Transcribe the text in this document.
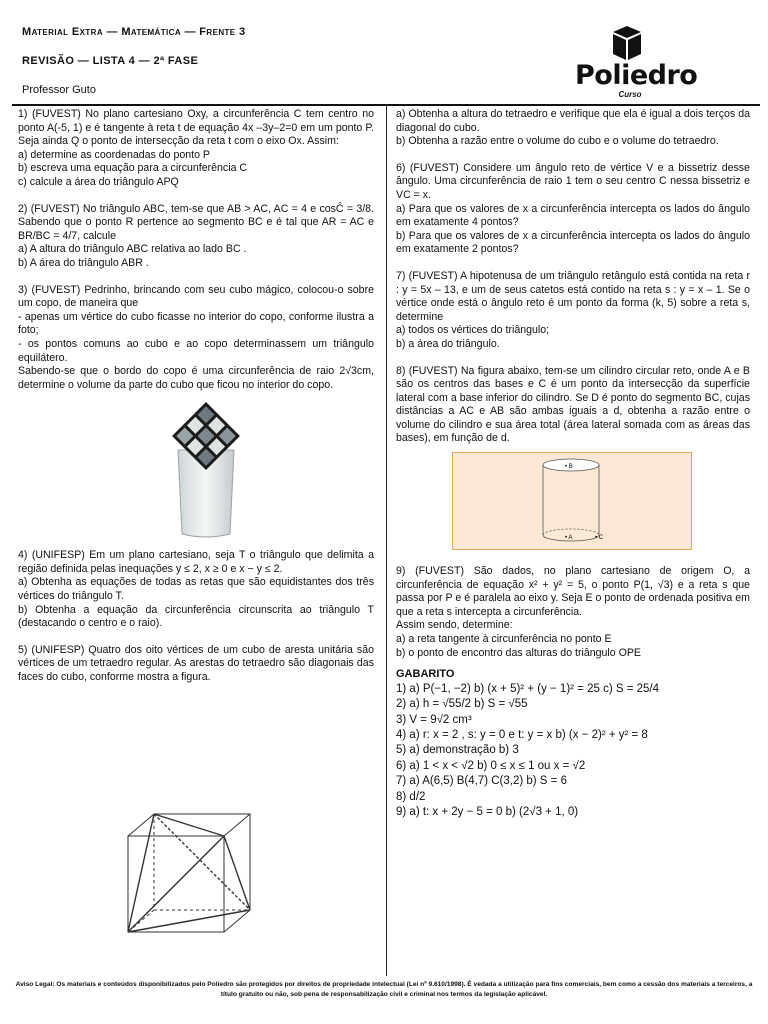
Material Extra — Matemática — Frente 3
REVISÃO — LISTA 4 — 2ª FASE
Professor Guto	Poliedro
Curso

1) (FUVEST) No plano cartesiano Oxy, a circunferência C tem centro no ponto A(-5, 1) e é tangente à reta t de equação 4x –3y–2=0 em um ponto P. Seja ainda Q o ponto de intersecção da reta t com o eixo Ox. Assim:

a) determine as coordenadas do ponto P

b) escreva uma equação para a circunferência C

c) calcule a área do triângulo APQ

2) (FUVEST) No triângulo ABC, tem-se que AB > AC, AC = 4 e cosĈ = 3/8. Sabendo que o ponto R pertence ao segmento BC e é tal que AR = AC e BR/BC = 4/7, calcule

a) A altura do triângulo ABC relativa ao lado BC .

b) A área do triângulo ABR .

3) (FUVEST) Pedrinho, brincando com seu cubo mágico, colocou-o sobre um copo, de maneira que

- apenas um vértice do cubo ficasse no interior do copo, conforme ilustra a foto;

- os pontos comuns ao cubo e ao copo determinassem um triângulo equilátero.

Sabendo-se que o bordo do copo é uma circunferência de raio 2√3cm, determine o volume da parte do cubo que ficou no interior do copo.

4) (UNIFESP) Em um plano cartesiano, seja T o triângulo que delimita a região definida pelas inequações y ≤ 2, x ≥ 0 e x − y ≤ 2.

a) Obtenha as equações de todas as retas que são equidistantes dos três vértices do triângulo T.

b) Obtenha a equação da circunferência circunscrita ao triângulo T (destacando o centro e o raio).

5) (UNIFESP) Quatro dos oito vértices de um cubo de aresta unitária são vértices de um tetraedro regular. As arestas do tetraedro são diagonais das faces do cubo, conforme mostra a figura.

a) Obtenha a altura do tetraedro e verifique que ela é igual a dois terços da diagonal do cubo.

b) Obtenha a razão entre o volume do cubo e o volume do tetraedro.

6) (FUVEST) Considere um ângulo reto de vértice V e a bissetriz desse ângulo. Uma circunferência de raio 1 tem o seu centro C nessa bissetriz e VC = x.

a) Para que os valores de x a circunferência intercepta os lados do ângulo em exatamente 4 pontos?

b) Para que os valores de x a circunferência intercepta os lados do ângulo em exatamente 2 pontos?

7) (FUVEST) A hipotenusa de um triângulo retângulo está contida na reta r : y = 5x – 13, e um de seus catetos está contido na reta s : y = x – 1. Se o vértice onde está o ângulo reto é um ponto da forma (k, 5) sobre a reta s, determine

a) todos os vértices do triângulo;

b) a área do triângulo.

8) (FUVEST) Na figura abaixo, tem-se um cilindro circular reto, onde A e B são os centros das bases e C é um ponto da intersecção da superfície lateral com a base inferior do cilindro. Se D é ponto do segmento BC, cujas distâncias a AC e AB são ambas iguais a d, obtenha a razão entre o volume do cilindro e sua área total (área lateral somada com as áreas das bases), em função de d.

• B
• A	• C

9) (FUVEST) São dados, no plano cartesiano de origem O, a circunferência de equação x² + y² = 5, o ponto P(1, √3) e a reta s que passa por P e é paralela ao eixo y. Seja E o ponto de ordenada positiva em que a reta s intercepta a circunferência.

Assim sendo, determine:

a) a reta tangente à circunferência no ponto E

b) o ponto de encontro das alturas do triângulo OPE

GABARITO
1) a) P(−1, −2) b) (x + 5)² + (y − 1)² = 25 c) S = 25/4
2) a) h = √55/2 b) S = √55
3) V = 9√2 cm³
4) a) r: x = 2 , s: y = 0 e t: y = x b) (x − 2)² + y² = 8
5) a) demonstração b) 3
6) a) 1 < x < √2 b) 0 ≤ x ≤ 1 ou x = √2
7) a) A(6,5) B(4,7) C(3,2) b) S = 6
8) d/2
9) a) t: x + 2y − 5 = 0 b) (2√3 + 1, 0)
Aviso Legal: Os materiais e conteúdos disponibilizados pelo Poliedro são protegidos por direitos de propriedade intelectual (Lei nº 9.610/1998). É vedada a utilização para fins comerciais, bem como a cessão dos materiais a terceiros, a título gratuito ou não, sob pena de responsabilização civil e criminal nos termos da legislação aplicável.
